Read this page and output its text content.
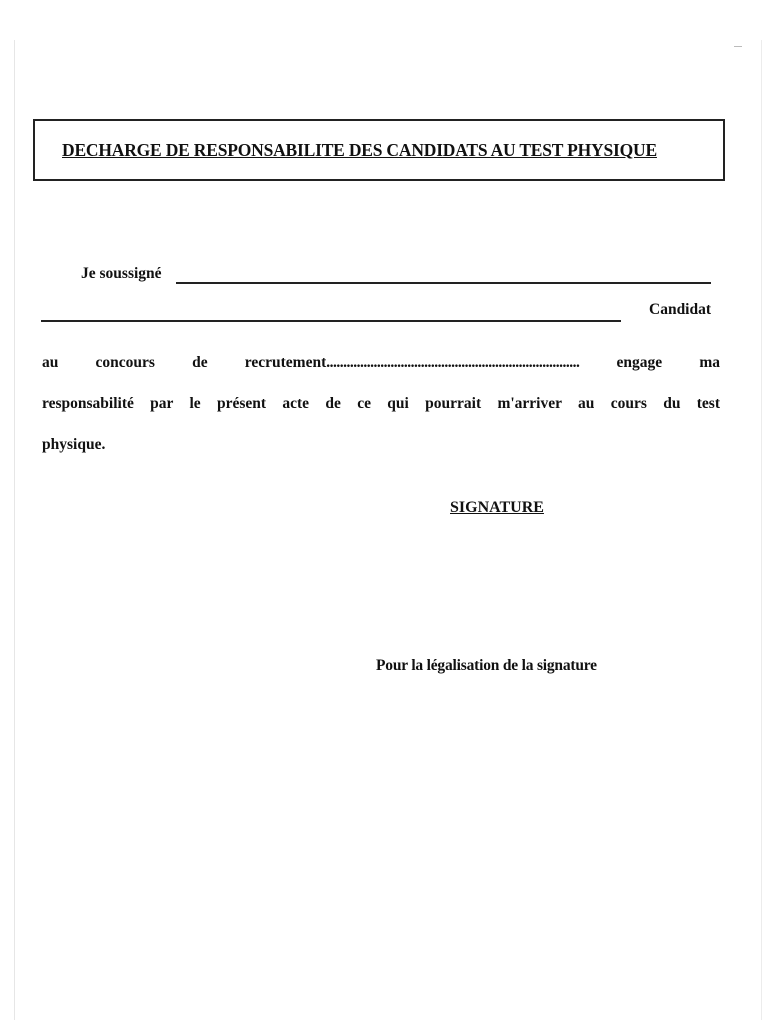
DECHARGE DE RESPONSABILITE DES CANDIDATS AU TEST PHYSIQUE
Je soussigné
Candidat
au concours de recrutement........................................................................... engage ma
responsabilité par le présent acte de ce qui pourrait m'arriver au cours du test
physique.
SIGNATURE
Pour la légalisation de la signature
